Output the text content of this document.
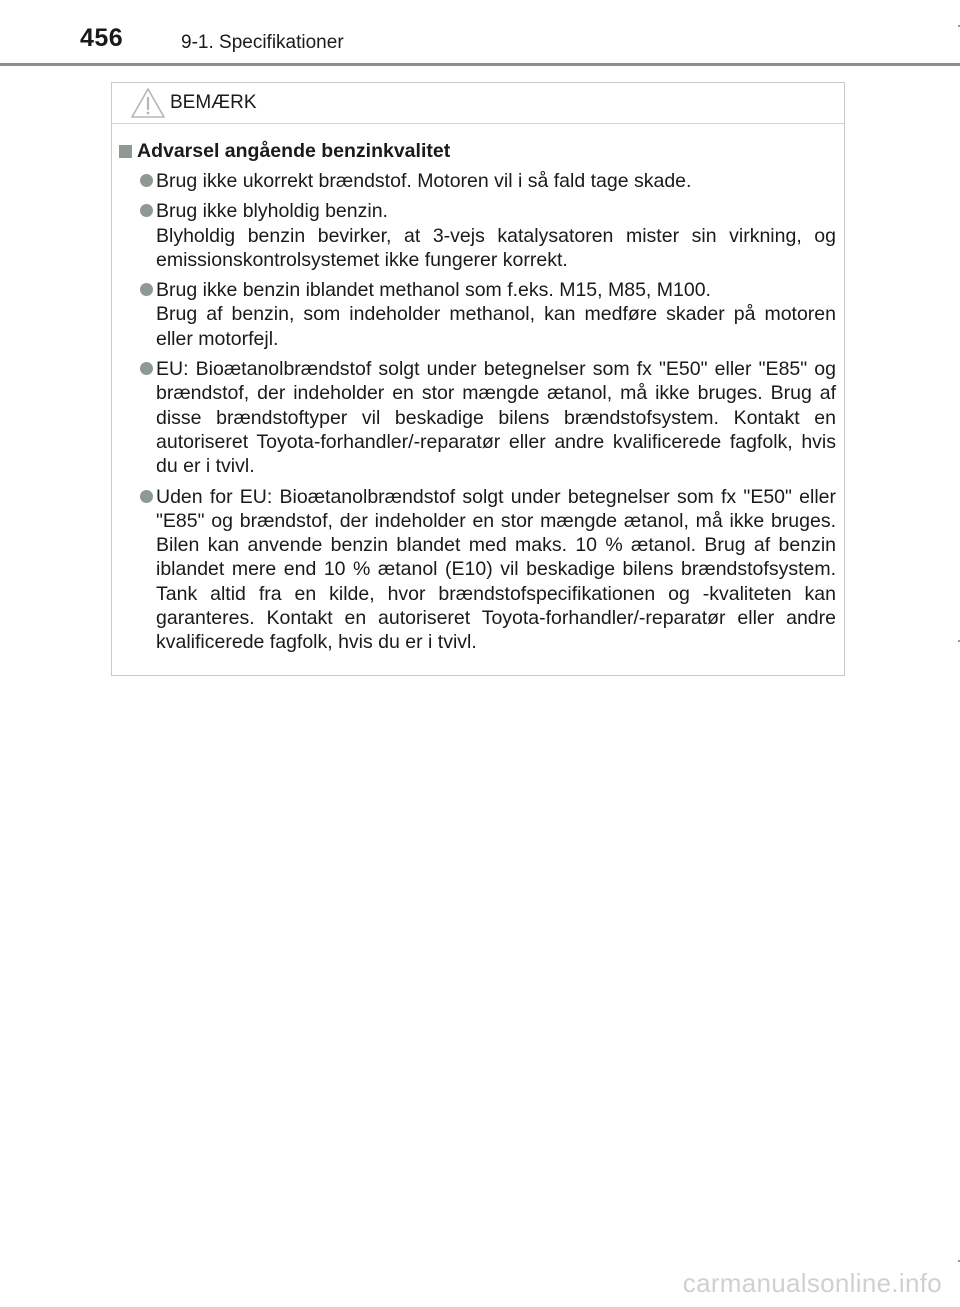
456	9-1. Specifikationer
BEMÆRK
Advarsel angående benzinkvalitet

Brug ikke ukorrekt brændstof. Motoren vil i så fald tage skade.

Brug ikke blyholdig benzin.

Blyholdig benzin bevirker, at 3-vejs katalysatoren mister sin virkning, og emissionskontrolsystemet ikke fungerer korrekt.

Brug ikke benzin iblandet methanol som f.eks. M15, M85, M100.

Brug af benzin, som indeholder methanol, kan medføre skader på motoren eller motorfejl.

EU: Bioætanolbrændstof solgt under betegnelser som fx "E50" eller "E85" og brændstof, der indeholder en stor mængde ætanol, må ikke bruges. Brug af disse brændstoftyper vil beskadige bilens brændstofsystem. Kontakt en autoriseret Toyota-forhandler/-reparatør eller andre kvalificerede fagfolk, hvis du er i tvivl.

Uden for EU: Bioætanolbrændstof solgt under betegnelser som fx "E50" eller "E85" og brændstof, der indeholder en stor mængde ætanol, må ikke bruges. Bilen kan anvende benzin blandet med maks. 10 % ætanol. Brug af benzin iblandet mere end 10 % ætanol (E10) vil beskadige bilens brændstofsystem. Tank altid fra en kilde, hvor brændstofspecifikationen og -kvaliteten kan garanteres. Kontakt en autoriseret Toyota-forhandler/-reparatør eller andre kvalificerede fagfolk, hvis du er i tvivl.

carmanualsonline.info
